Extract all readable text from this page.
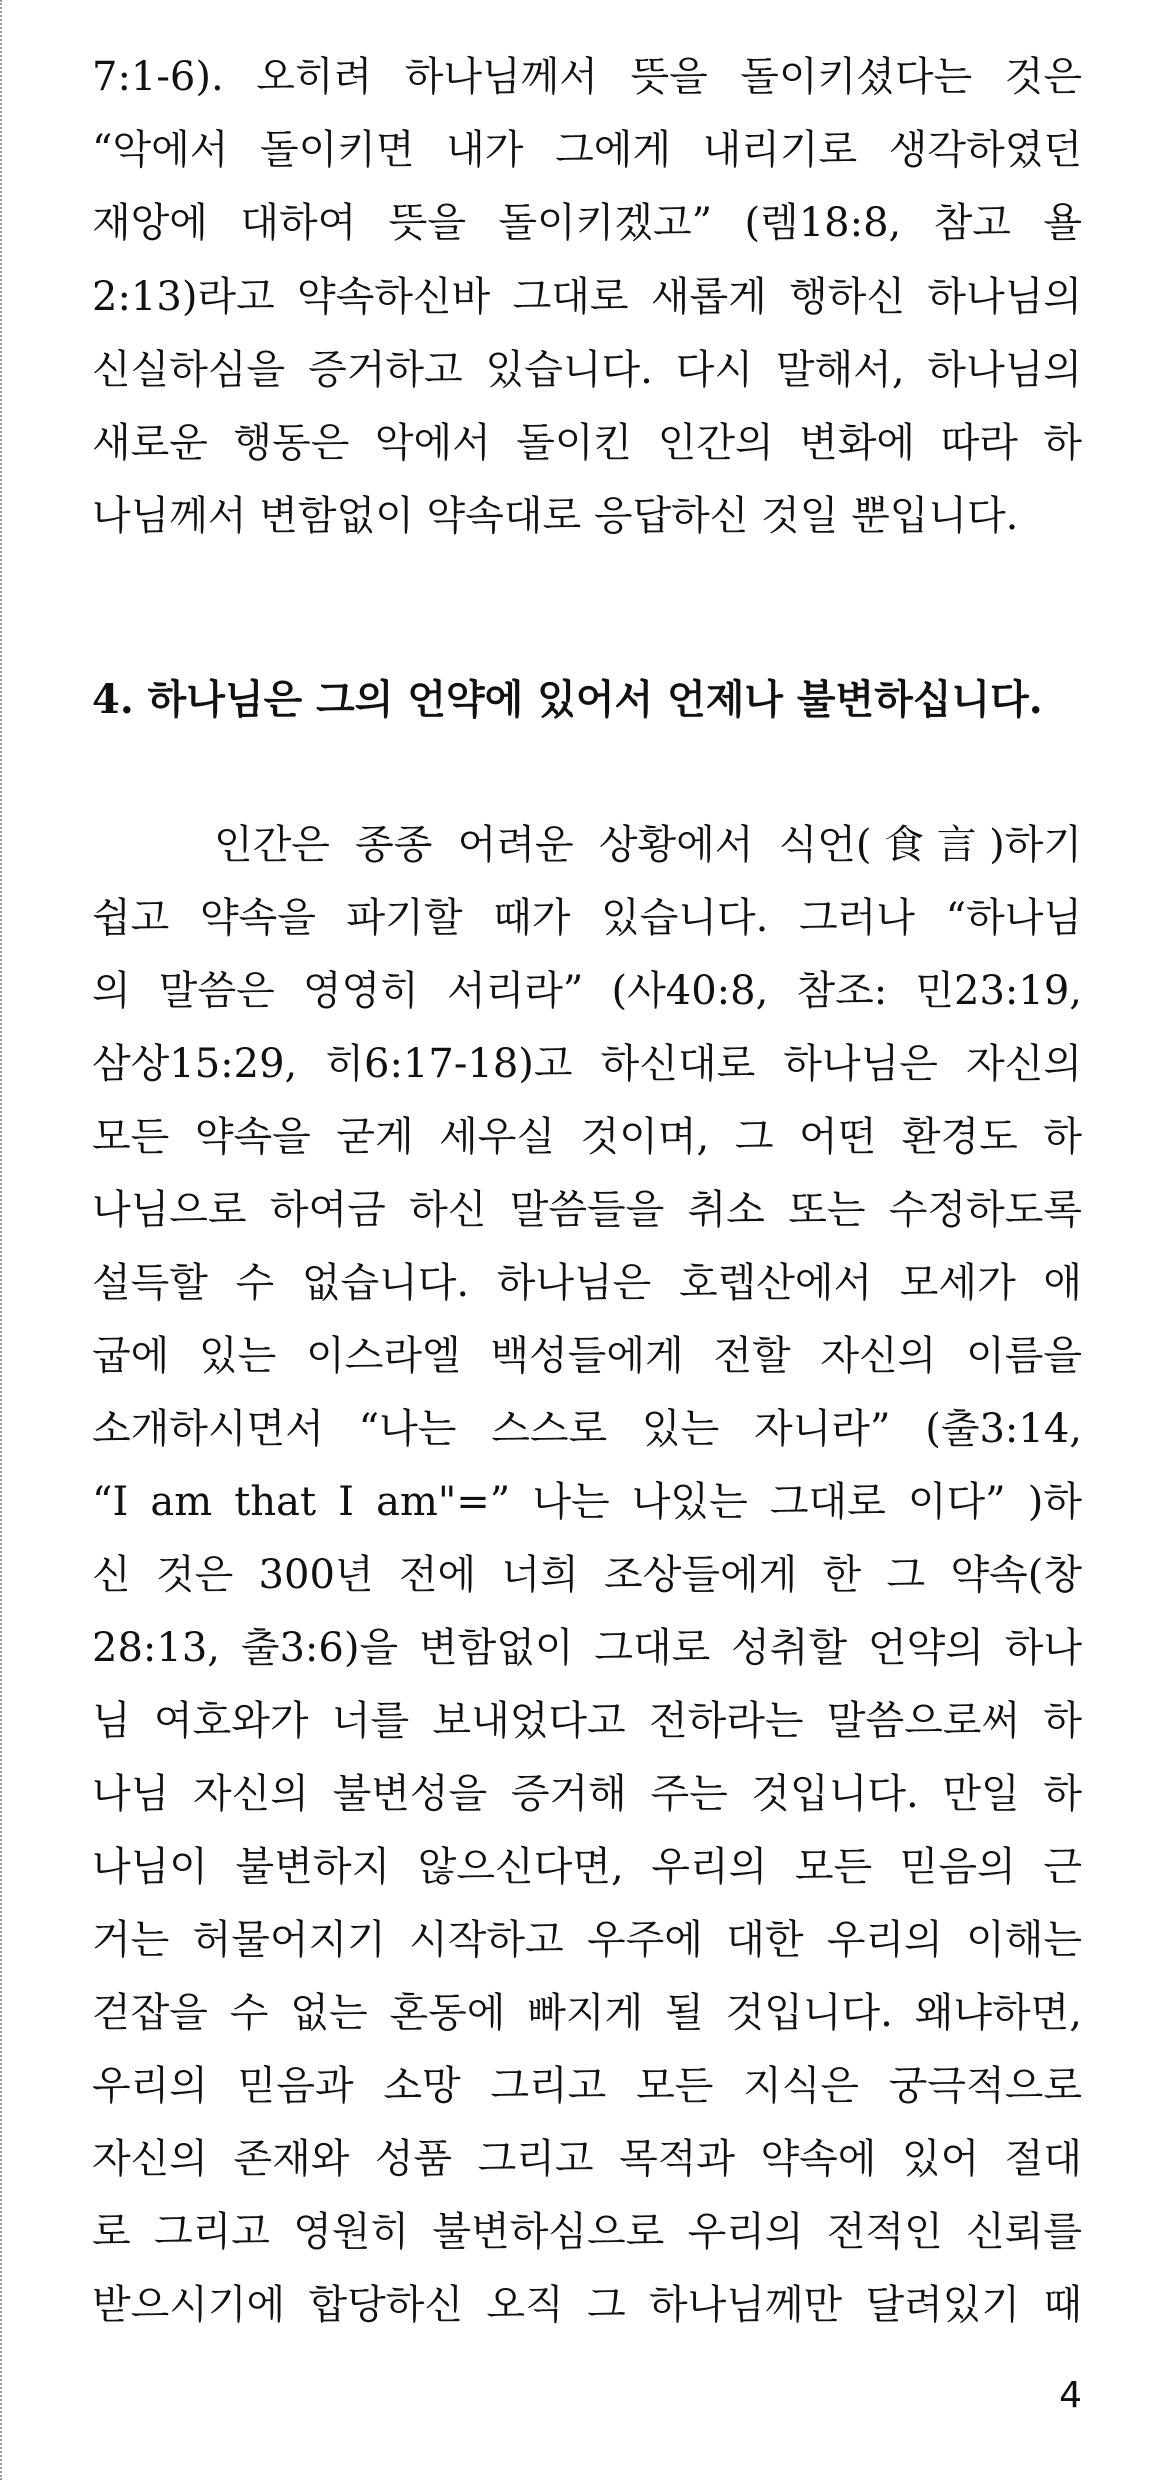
7:1-6). 오히려 하나님께서 뜻을 돌이키셨다는 것은
“악에서 돌이키면 내가 그에게 내리기로 생각하였던
재앙에 대하여 뜻을 돌이키겠고” (렘18:8, 참고 욜
2:13)라고 약속하신바 그대로 새롭게 행하신 하나님의
신실하심을 증거하고 있습니다. 다시 말해서, 하나님의
새로운 행동은 악에서 돌이킨 인간의 변화에 따라 하
나님께서 변함없이 약속대로 응답하신 것일 뿐입니다.
4. 하나님은 그의 언약에 있어서 언제나 불변하십니다.
인간은 종종 어려운 상황에서 식언(食言)하기
쉽고 약속을 파기할 때가 있습니다. 그러나 “하나님
의 말씀은 영영히 서리라” (사40:8, 참조: 민23:19,
삼상15:29, 히6:17-18)고 하신대로 하나님은 자신의
모든 약속을 굳게 세우실 것이며, 그 어떤 환경도 하
나님으로 하여금 하신 말씀들을 취소 또는 수정하도록
설득할 수 없습니다. 하나님은 호렙산에서 모세가 애
굽에 있는 이스라엘 백성들에게 전할 자신의 이름을
소개하시면서 “나는 스스로 있는 자니라” (출3:14,
“I am that I am"=” 나는 나있는 그대로 이다” )하
신 것은 300년 전에 너희 조상들에게 한 그 약속(창
28:13, 출3:6)을 변함없이 그대로 성취할 언약의 하나
님 여호와가 너를 보내었다고 전하라는 말씀으로써 하
나님 자신의 불변성을 증거해 주는 것입니다. 만일 하
나님이 불변하지 않으신다면, 우리의 모든 믿음의 근
거는 허물어지기 시작하고 우주에 대한 우리의 이해는
걷잡을 수 없는 혼동에 빠지게 될 것입니다. 왜냐하면,
우리의 믿음과 소망 그리고 모든 지식은 궁극적으로
자신의 존재와 성품 그리고 목적과 약속에 있어 절대
로 그리고 영원히 불변하심으로 우리의 전적인 신뢰를
받으시기에 합당하신 오직 그 하나님께만 달려있기 때
4
